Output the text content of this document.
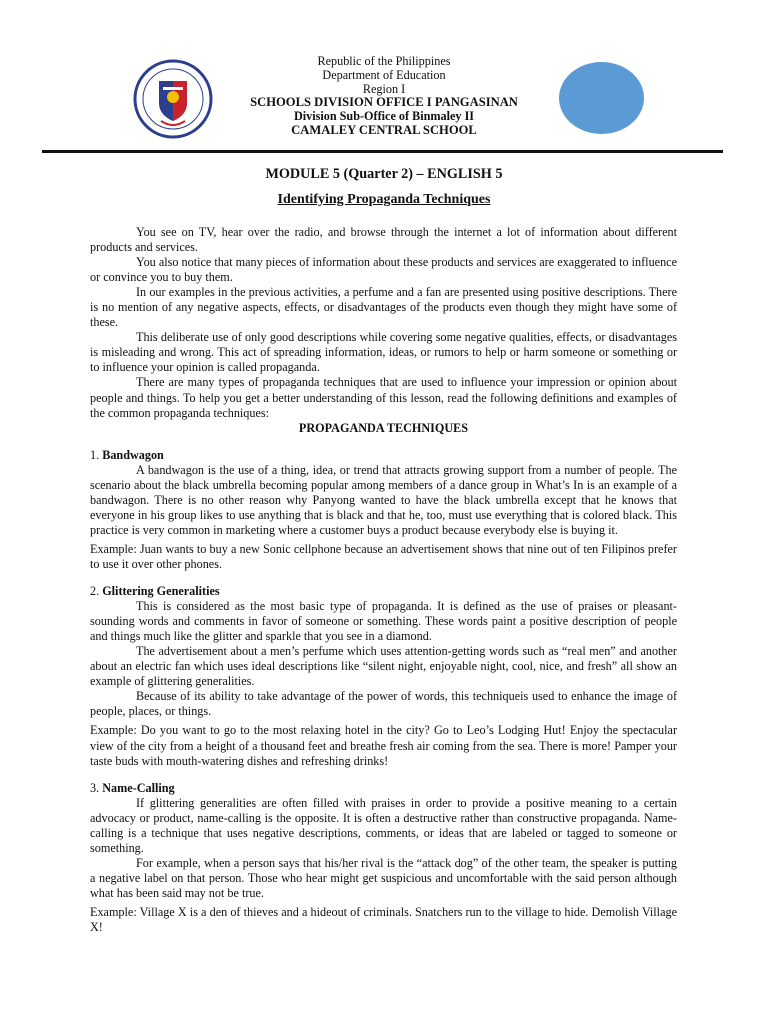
Republic of the Philippines
Department of Education
Region I
SCHOOLS DIVISION OFFICE I PANGASINAN
Division Sub-Office of Binmaley II
CAMALEY CENTRAL SCHOOL
MODULE 5 (Quarter 2) – ENGLISH 5
Identifying Propaganda Techniques

You see on TV, hear over the radio, and browse through the internet a lot of information about different products and services.

You also notice that many pieces of information about these products and services are exaggerated to influence or convince you to buy them.

In our examples in the previous activities, a perfume and a fan are presented using positive descriptions. There is no mention of any negative aspects, effects, or disadvantages of the products even though they might have some of these.

This deliberate use of only good descriptions while covering some negative qualities, effects, or disadvantages is misleading and wrong. This act of spreading information, ideas, or rumors to help or harm someone or something or to influence your opinion is called propaganda.

There are many types of propaganda techniques that are used to influence your impression or opinion about people and things. To help you get a better understanding of this lesson, read the following definitions and examples of the common propaganda techniques:

PROPAGANDA TECHNIQUES

1. Bandwagon

A bandwagon is the use of a thing, idea, or trend that attracts growing support from a number of people. The scenario about the black umbrella becoming popular among members of a dance group in What’s In is an example of a bandwagon. There is no other reason why Panyong wanted to have the black umbrella except that he knows that everyone in his group likes to use anything that is black and that he, too, must use everything that is colored black. This practice is very common in marketing where a customer buys a product because everybody else is buying it.

Example: Juan wants to buy a new Sonic cellphone because an advertisement shows that nine out of ten Filipinos prefer to use it over other phones.

2. Glittering Generalities

This is considered as the most basic type of propaganda. It is defined as the use of praises or pleasant-sounding words and comments in favor of someone or something. These words paint a positive description of people and things much like the glitter and sparkle that you see in a diamond.

The advertisement about a men’s perfume which uses attention-getting words such as “real men” and another about an electric fan which uses ideal descriptions like “silent night, enjoyable night, cool, nice, and fresh” all show an example of glittering generalities.

Because of its ability to take advantage of the power of words, this techniqueis used to enhance the image of people, places, or things.

Example: Do you want to go to the most relaxing hotel in the city? Go to Leo’s Lodging Hut! Enjoy the spectacular view of the city from a height of a thousand feet and breathe fresh air coming from the sea. There is more! Pamper your taste buds with mouth-watering dishes and refreshing drinks!

3. Name-Calling

If glittering generalities are often filled with praises in order to provide a positive meaning to a certain advocacy or product, name-calling is the opposite. It is often a destructive rather than constructive propaganda. Name-calling is a technique that uses negative descriptions, comments, or ideas that are labeled or tagged to someone or something.

For example, when a person says that his/her rival is the “attack dog” of the other team, the speaker is putting a negative label on that person. Those who hear might get suspicious and uncomfortable with the said person although what has been said may not be true.

Example: Village X is a den of thieves and a hideout of criminals. Snatchers run to the village to hide. Demolish Village X!
